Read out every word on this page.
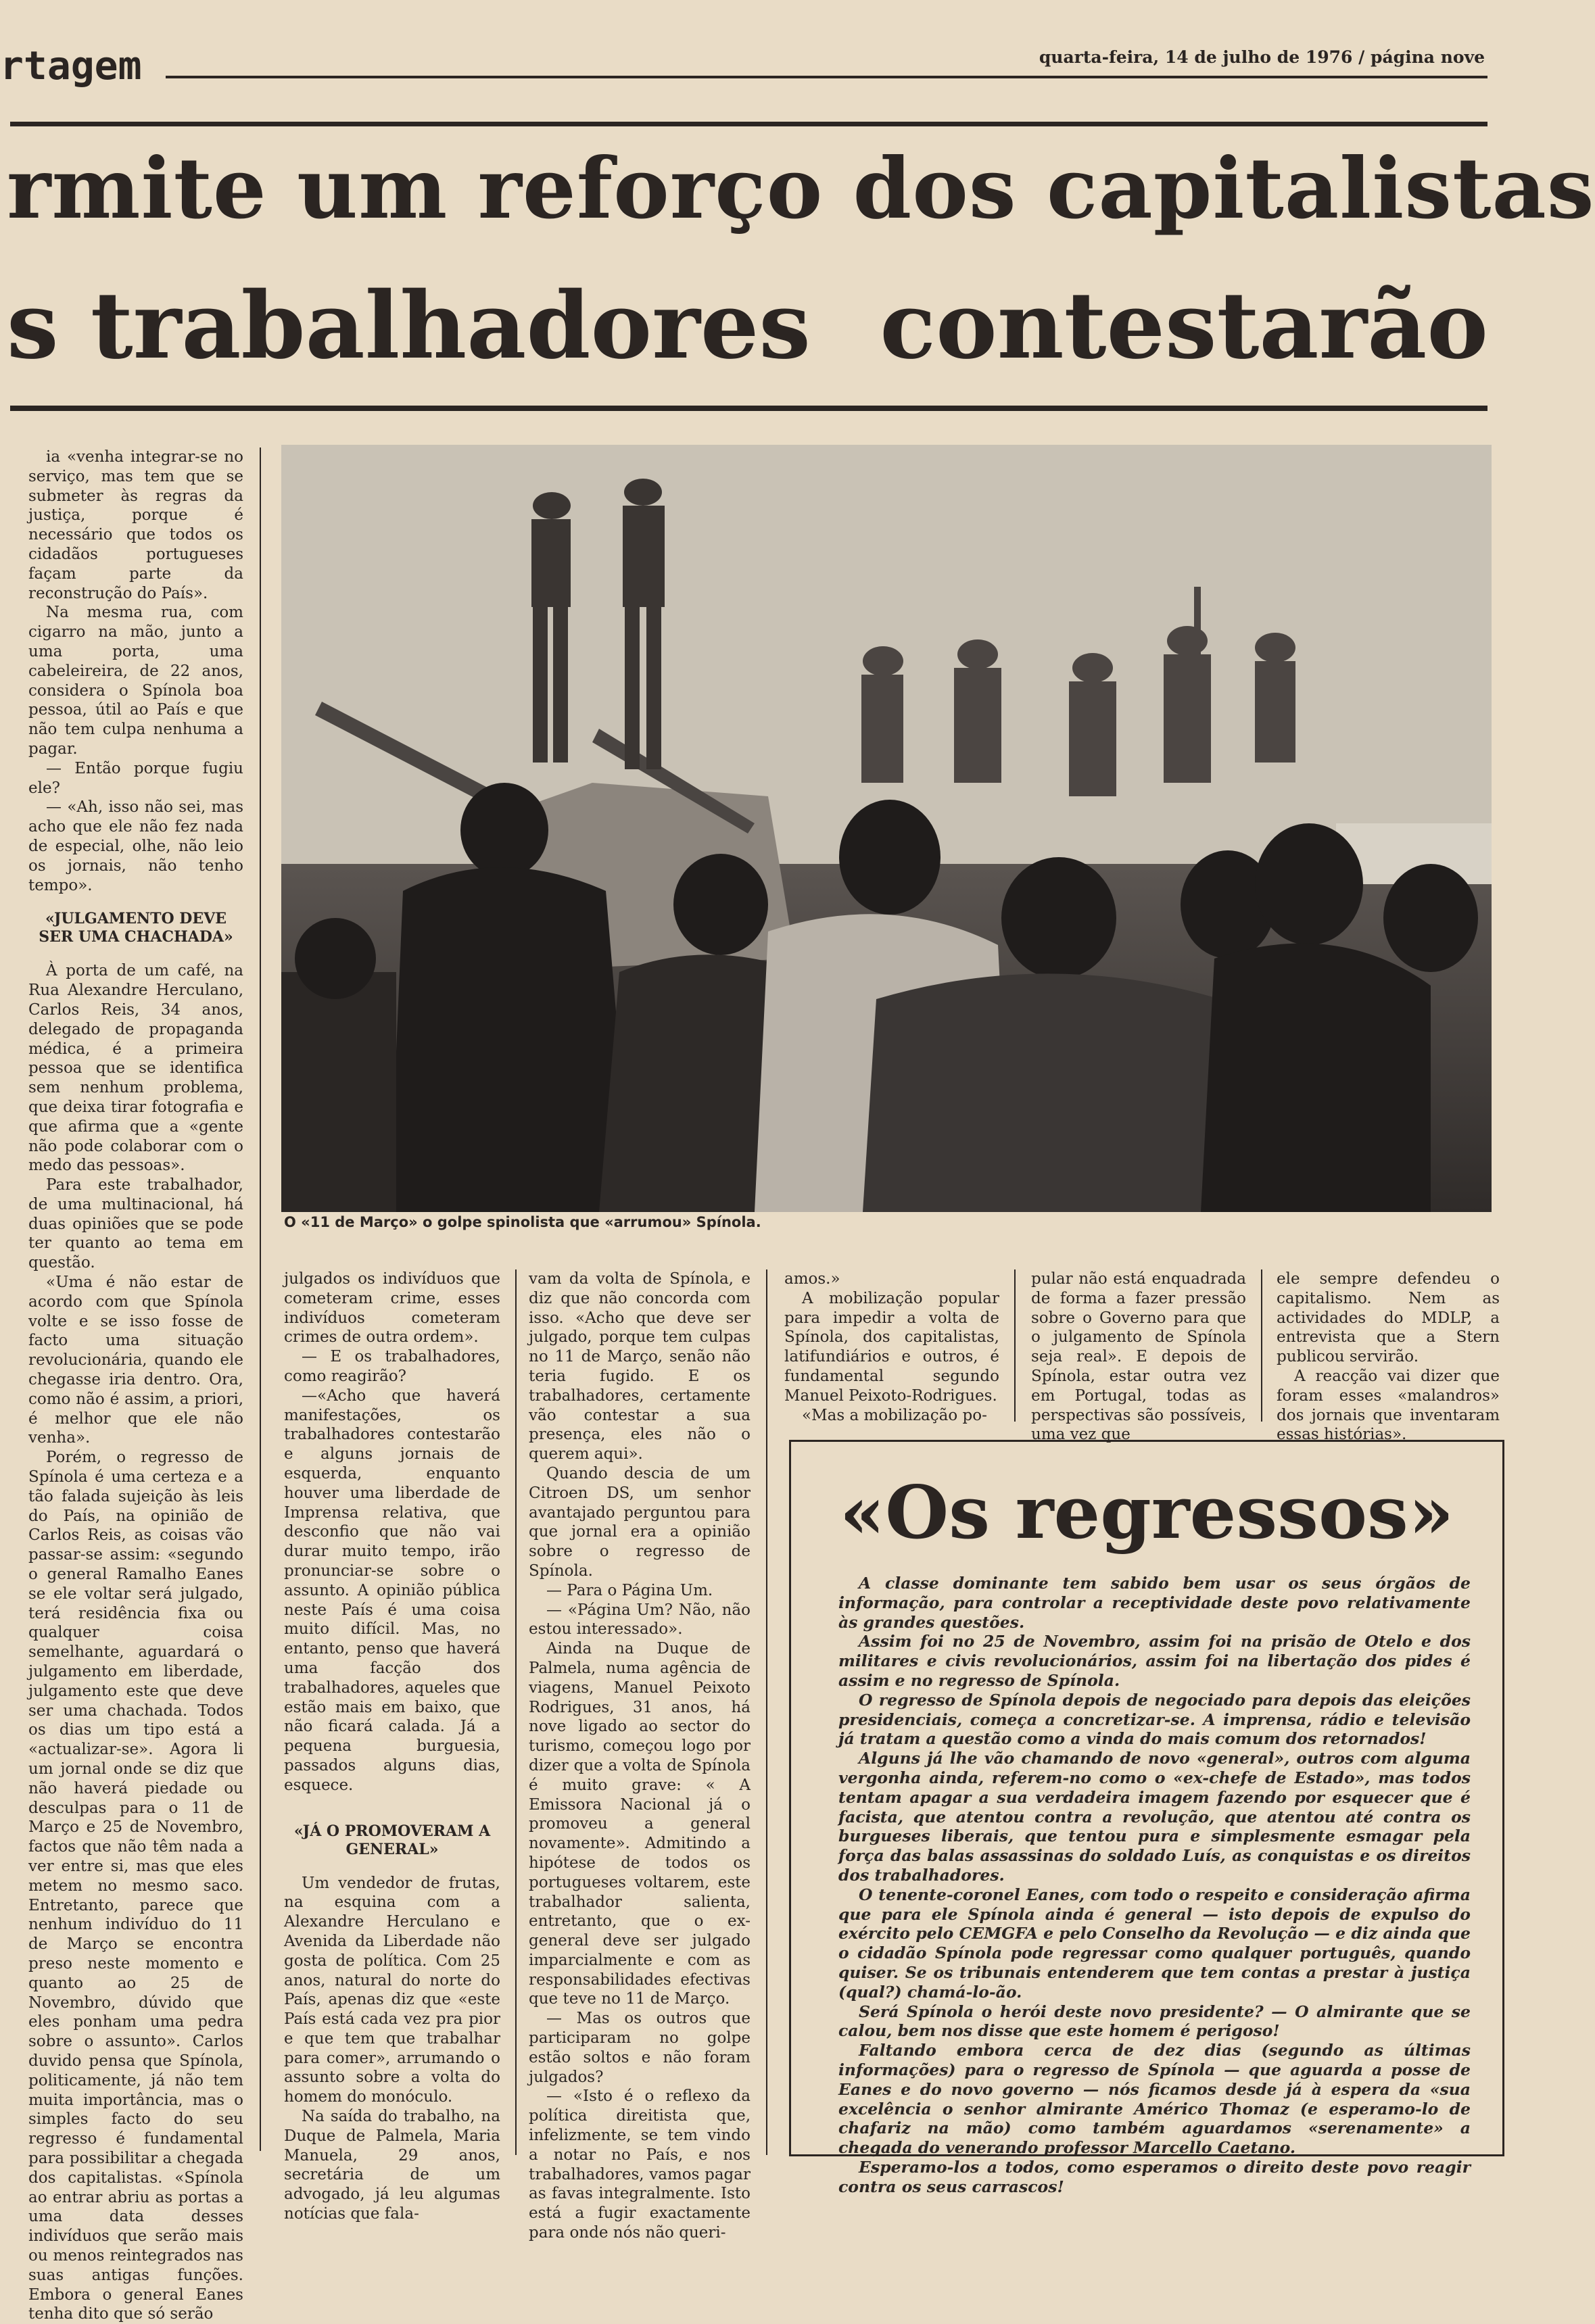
rtagem	quarta-feira, 14 de julho de 1976 / página nove
rmite um reforço dos capitalistas
s trabalhadores contestarão

ia «venha integrar-se no serviço, mas tem que se submeter às regras da justiça, porque é necessário que todos os cidadãos portugueses façam parte da reconstrução do País».

Na mesma rua, com cigarro na mão, junto a uma porta, uma cabeleireira, de 22 anos, considera o Spínola boa pessoa, útil ao País e que não tem culpa nenhuma a pagar.

— Então porque fugiu ele?

— «Ah, isso não sei, mas acho que ele não fez nada de especial, olhe, não leio os jornais, não tenho tempo».

«JULGAMENTO DEVE SER UMA CHACHADA»

À porta de um café, na Rua Alexandre Herculano, Carlos Reis, 34 anos, delegado de propaganda médica, é a primeira pessoa que se identifica sem nenhum problema, que deixa tirar fotografia e que afirma que a «gente não pode colaborar com o medo das pessoas».

Para este trabalhador, de uma multinacional, há duas opiniões que se pode ter quanto ao tema em questão.

«Uma é não estar de acordo com que Spínola volte e se isso fosse de facto uma situação revolucionária, quando ele chegasse iria dentro. Ora, como não é assim, a priori, é melhor que ele não venha».

Porém, o regresso de Spínola é uma certeza e a tão falada sujeição às leis do País, na opinião de Carlos Reis, as coisas vão passar-se assim: «segundo o general Ramalho Eanes se ele voltar será julgado, terá residência fixa ou qualquer coisa semelhante, aguardará o julgamento em liberdade, julgamento este que deve ser uma chachada. Todos os dias um tipo está a «actualizar-se». Agora li um jornal onde se diz que não haverá piedade ou desculpas para o 11 de Março e 25 de Novembro, factos que não têm nada a ver entre si, mas que eles metem no mesmo saco. Entretanto, parece que nenhum indivíduo do 11 de Março se encontra preso neste momento e quanto ao 25 de Novembro, dúvido que eles ponham uma pedra sobre o assunto». Carlos duvido pensa que Spínola, politicamente, já não tem muita importância, mas o simples facto do seu regresso é fundamental para possibilitar a chegada dos capitalistas. «Spínola ao entrar abriu as portas a uma data desses indivíduos que serão mais ou menos reintegrados nas suas antigas funções. Embora o general Eanes tenha dito que só serão

O «11 de Março» o golpe spinolista que «arrumou» Spínola.

julgados os indivíduos que cometeram crime, esses indivíduos cometeram crimes de outra ordem».

— E os trabalhadores, como reagirão?

—«Acho que haverá manifestações, os trabalhadores contestarão e alguns jornais de esquerda, enquanto houver uma liberdade de Imprensa relativa, que desconfio que não vai durar muito tempo, irão pronunciar-se sobre o assunto. A opinião pública neste País é uma coisa muito difícil. Mas, no entanto, penso que haverá uma facção dos trabalhadores, aqueles que estão mais em baixo, que não ficará calada. Já a pequena burguesia, passados alguns dias, esquece.

«JÁ O PROMOVERAM A GENERAL»

Um vendedor de frutas, na esquina com a Alexandre Herculano e Avenida da Liberdade não gosta de política. Com 25 anos, natural do norte do País, apenas diz que «este País está cada vez pra pior e que tem que trabalhar para comer», arrumando o assunto sobre a volta do homem do monóculo.

Na saída do trabalho, na Duque de Palmela, Maria Manuela, 29 anos, secretária de um advogado, já leu algumas notícias que fala-

vam da volta de Spínola, e diz que não concorda com isso. «Acho que deve ser julgado, porque tem culpas no 11 de Março, senão não teria fugido. E os trabalhadores, certamente vão contestar a sua presença, eles não o querem aqui».

Quando descia de um Citroen DS, um senhor avantajado perguntou para que jornal era a opinião sobre o regresso de Spínola.

— Para o Página Um.

— «Página Um? Não, não estou interessado».

Ainda na Duque de Palmela, numa agência de viagens, Manuel Peixoto Rodrigues, 31 anos, há nove ligado ao sector do turismo, começou logo por dizer que a volta de Spínola é muito grave: « A Emissora Nacional já o promoveu a general novamente». Admitindo a hipótese de todos os portugueses voltarem, este trabalhador salienta, entretanto, que o ex-general deve ser julgado imparcialmente e com as responsabilidades efectivas que teve no 11 de Março.

— Mas os outros que participaram no golpe estão soltos e não foram julgados?

— «Isto é o reflexo da política direitista que, infelizmente, se tem vindo a notar no País, e nos trabalhadores, vamos pagar as favas integralmente. Isto está a fugir exactamente para onde nós não queri-

amos.»

A mobilização popular para impedir a volta de Spínola, dos capitalistas, latifundiários e outros, é fundamental segundo Manuel Peixoto-Rodrigues.

«Mas a mobilização po-

pular não está enquadrada de forma a fazer pressão sobre o Governo para que o julgamento de Spínola seja real». E depois de Spínola, estar outra vez em Portugal, todas as perspectivas são possíveis, uma vez que

ele sempre defendeu o capitalismo. Nem as actividades do MDLP, a entrevista que a Stern publicou servirão.

A reacção vai dizer que foram esses «malandros» dos jornais que inventaram essas histórias».

«Os regressos»

A classe dominante tem sabido bem usar os seus órgãos de informação, para controlar a receptividade deste povo relativamente às grandes questões.

Assim foi no 25 de Novembro, assim foi na prisão de Otelo e dos militares e civis revolucionários, assim foi na libertação dos pides é assim e no regresso de Spínola.

O regresso de Spínola depois de negociado para depois das eleições presidenciais, começa a concretizar-se. A imprensa, rádio e televisão já tratam a questão como a vinda do mais comum dos retornados!

Alguns já lhe vão chamando de novo «general», outros com alguma vergonha ainda, referem-no como o «ex-chefe de Estado», mas todos tentam apagar a sua verdadeira imagem fazendo por esquecer que é facista, que atentou contra a revolução, que atentou até contra os burgueses liberais, que tentou pura e simplesmente esmagar pela força das balas assassinas do soldado Luís, as conquistas e os direitos dos trabalhadores.

O tenente-coronel Eanes, com todo o respeito e consideração afirma que para ele Spínola ainda é general — isto depois de expulso do exército pelo CEMGFA e pelo Conselho da Revolução — e diz ainda que o cidadão Spínola pode regressar como qualquer português, quando quiser. Se os tribunais entenderem que tem contas a prestar à justiça (qual?) chamá-lo-ão.

Será Spínola o herói deste novo presidente? — O almirante que se calou, bem nos disse que este homem é perigoso!

Faltando embora cerca de dez dias (segundo as últimas informações) para o regresso de Spínola — que aguarda a posse de Eanes e do novo governo — nós ficamos desde já à espera da «sua excelência o senhor almirante Américo Thomaz (e esperamo-lo de chafariz na mão) como também aguardamos «serenamente» a chegada do venerando professor Marcello Caetano.

Esperamo-los a todos, como esperamos o direito deste povo reagir contra os seus carrascos!
